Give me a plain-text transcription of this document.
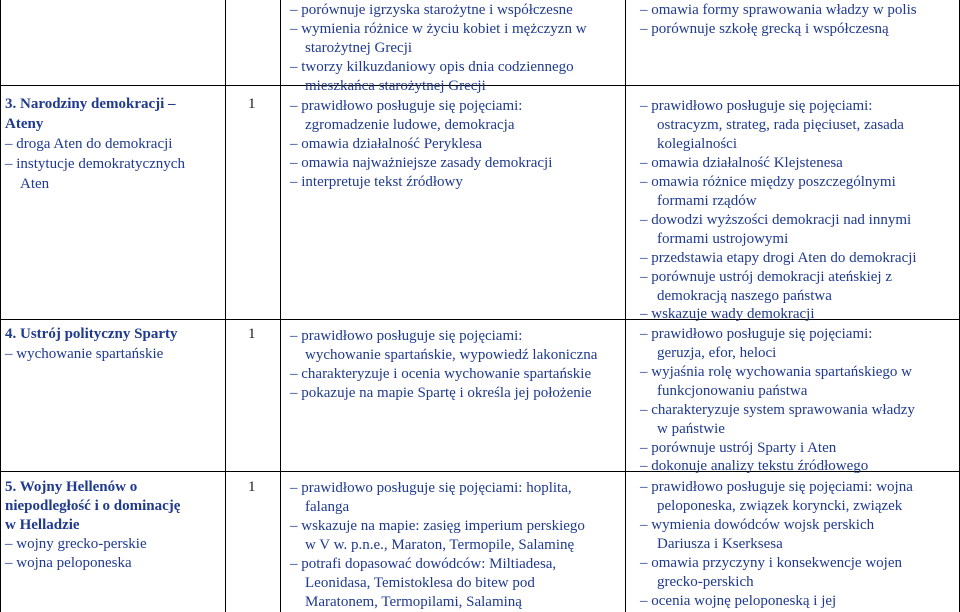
3. Narodziny demokracji –
Ateny
– droga Aten do demokracji
– instytucje demokratycznych
Aten
4. Ustrój polityczny Sparty
– wychowanie spartańskie
5. Wojny Hellenów o
niepodległość i o dominację
w Helladzie
– wojny grecko-perskie
– wojna peloponeska
1
1
1
– porównuje igrzyska starożytne i współczesne
– wymienia różnice w życiu kobiet i mężczyzn w
starożytnej Grecji
– tworzy kilkuzdaniowy opis dnia codziennego
mieszkańca starożytnej Grecji
– prawidłowo posługuje się pojęciami:
zgromadzenie ludowe, demokracja
– omawia działalność Peryklesa
– omawia najważniejsze zasady demokracji
– interpretuje tekst źródłowy
– prawidłowo posługuje się pojęciami:
wychowanie spartańskie, wypowiedź lakoniczna
– charakteryzuje i ocenia wychowanie spartańskie
– pokazuje na mapie Spartę i określa jej położenie
– prawidłowo posługuje się pojęciami: hoplita,
falanga
– wskazuje na mapie: zasięg imperium perskiego
w V w. p.n.e., Maraton, Termopile, Salaminę
– potrafi dopasować dowódców: Miltiadesa,
Leonidasa, Temistoklesa do bitew pod
Maratonem, Termopilami, Salaminą
– omawia formy sprawowania władzy w polis
– porównuje szkołę grecką i współczesną
– prawidłowo posługuje się pojęciami:
ostracyzm, strateg, rada pięciuset, zasada
kolegialności
– omawia działalność Klejstenesa
– omawia różnice między poszczególnymi
formami rządów
– dowodzi wyższości demokracji nad innymi
formami ustrojowymi
– przedstawia etapy drogi Aten do demokracji
– porównuje ustrój demokracji ateńskiej z
demokracją naszego państwa
– wskazuje wady demokracji
– prawidłowo posługuje się pojęciami:
geruzja, efor, heloci
– wyjaśnia rolę wychowania spartańskiego w
funkcjonowaniu państwa
– charakteryzuje system sprawowania władzy
w państwie
– porównuje ustrój Sparty i Aten
– dokonuje analizy tekstu źródłowego
– prawidłowo posługuje się pojęciami: wojna
peloponeska, związek koryncki, związek
– wymienia dowódców wojsk perskich
Dariusza i Kserksesa
– omawia przyczyny i konsekwencje wojen
grecko-perskich
– ocenia wojnę peloponeską i jej
